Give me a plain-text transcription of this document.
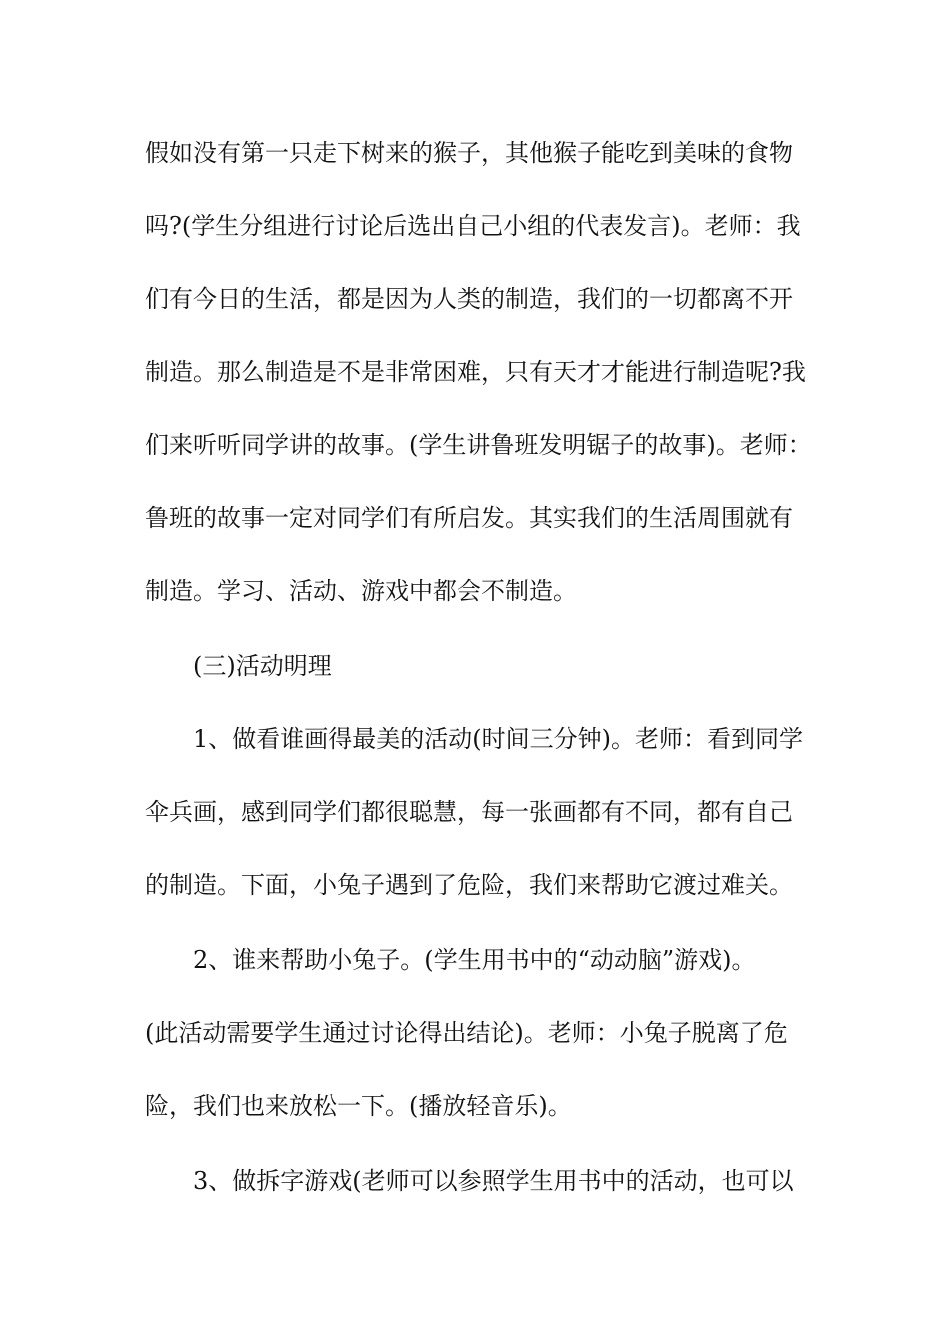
假如没有第一只走下树来的猴子，其他猴子能吃到美味的食物
吗?(学生分组进行讨论后选出自己小组的代表发言)。老师：我
们有今日的生活，都是因为人类的制造，我们的一切都离不开
制造。那么制造是不是非常困难，只有天才才能进行制造呢?我
们来听听同学讲的故事。(学生讲鲁班发明锯子的故事)。老师：
鲁班的故事一定对同学们有所启发。其实我们的生活周围就有
制造。学习、活动、游戏中都会不制造。
(三)活动明理
1、做看谁画得最美的活动(时间三分钟)。老师：看到同学
伞兵画，感到同学们都很聪慧，每一张画都有不同，都有自己
的制造。下面，小兔子遇到了危险，我们来帮助它渡过难关。
2、谁来帮助小兔子。(学生用书中的“动动脑”游戏)。
(此活动需要学生通过讨论得出结论)。老师：小兔子脱离了危
险，我们也来放松一下。(播放轻音乐)。
3、做拆字游戏(老师可以参照学生用书中的活动，也可以
